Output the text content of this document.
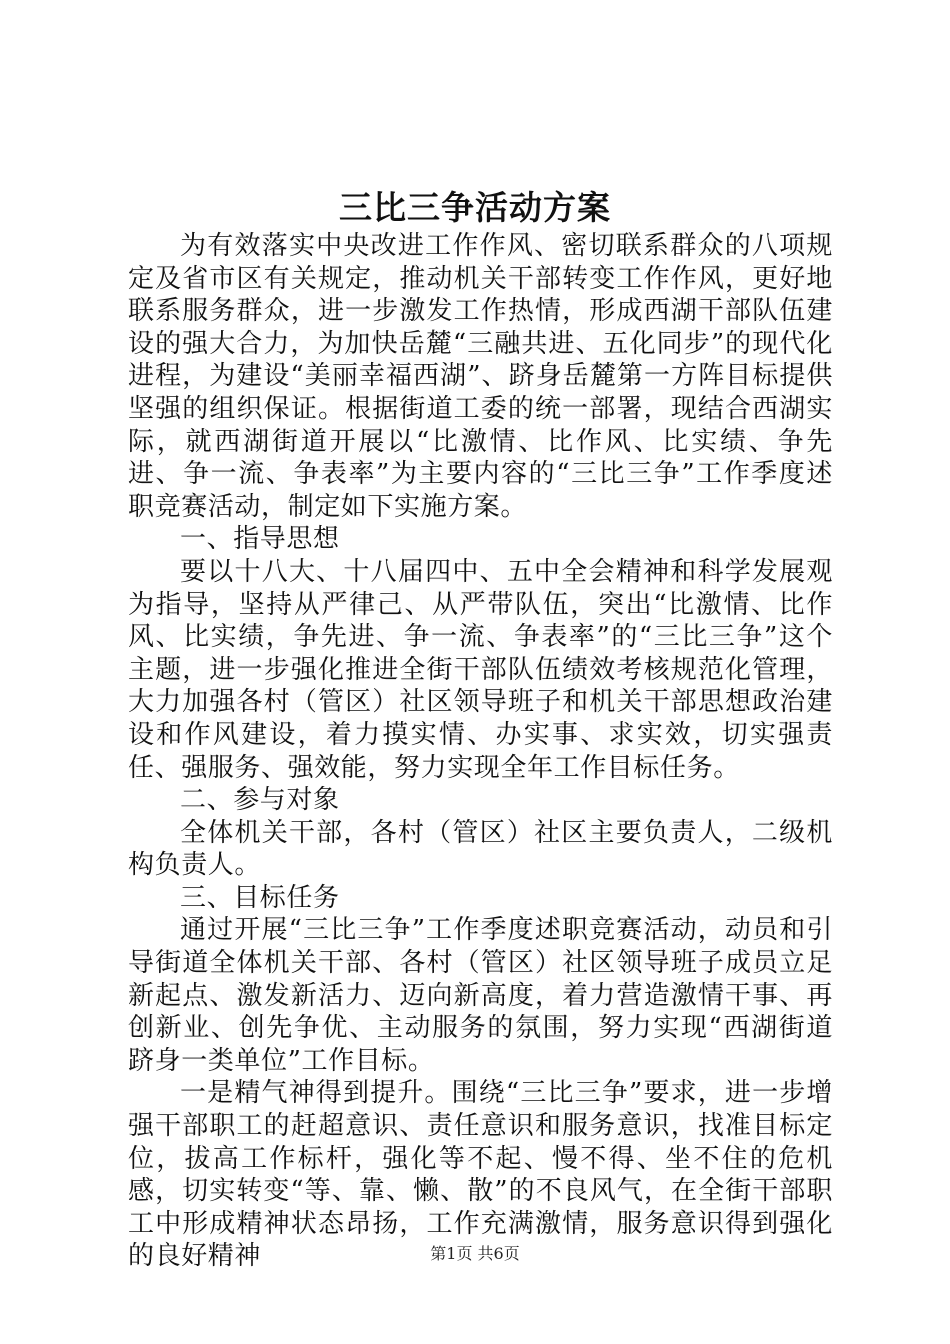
三比三争活动方案

为有效落实中央改进工作作风、密切联系群众的八项规定及省市区有关规定，推动机关干部转变工作作风，更好地联系服务群众，进一步激发工作热情，形成西湖干部队伍建设的强大合力，为加快岳麓“三融共进、五化同步”的现代化进程，为建设“美丽幸福西湖”、跻身岳麓第一方阵目标提供坚强的组织保证。根据街道工委的统一部署，现结合西湖实际，就西湖街道开展以“比激情、比作风、比实绩、争先进、争一流、争表率”为主要内容的“三比三争”工作季度述职竞赛活动，制定如下实施方案。

一、指导思想

要以十八大、十八届四中、五中全会精神和科学发展观为指导，坚持从严律己、从严带队伍，突出“比激情、比作风、比实绩，争先进、争一流、争表率”的“三比三争”这个主题，进一步强化推进全街干部队伍绩效考核规范化管理，大力加强各村（管区）社区领导班子和机关干部思想政治建设和作风建设，着力摸实情、办实事、求实效，切实强责任、强服务、强效能，努力实现全年工作目标任务。

二、参与对象

全体机关干部，各村（管区）社区主要负责人，二级机构负责人。

三、目标任务

通过开展“三比三争”工作季度述职竞赛活动，动员和引导街道全体机关干部、各村（管区）社区领导班子成员立足新起点、激发新活力、迈向新高度，着力营造激情干事、再创新业、创先争优、主动服务的氛围，努力实现“西湖街道跻身一类单位”工作目标。

一是精气神得到提升。围绕“三比三争”要求，进一步增强干部职工的赶超意识、责任意识和服务意识，找准目标定位，拔高工作标杆，强化等不起、慢不得、坐不住的危机感，切实转变“等、靠、懒、散”的不良风气，在全街干部职工中形成精神状态昂扬，工作充满激情，服务意识得到强化的良好精神	第1页 共6页
